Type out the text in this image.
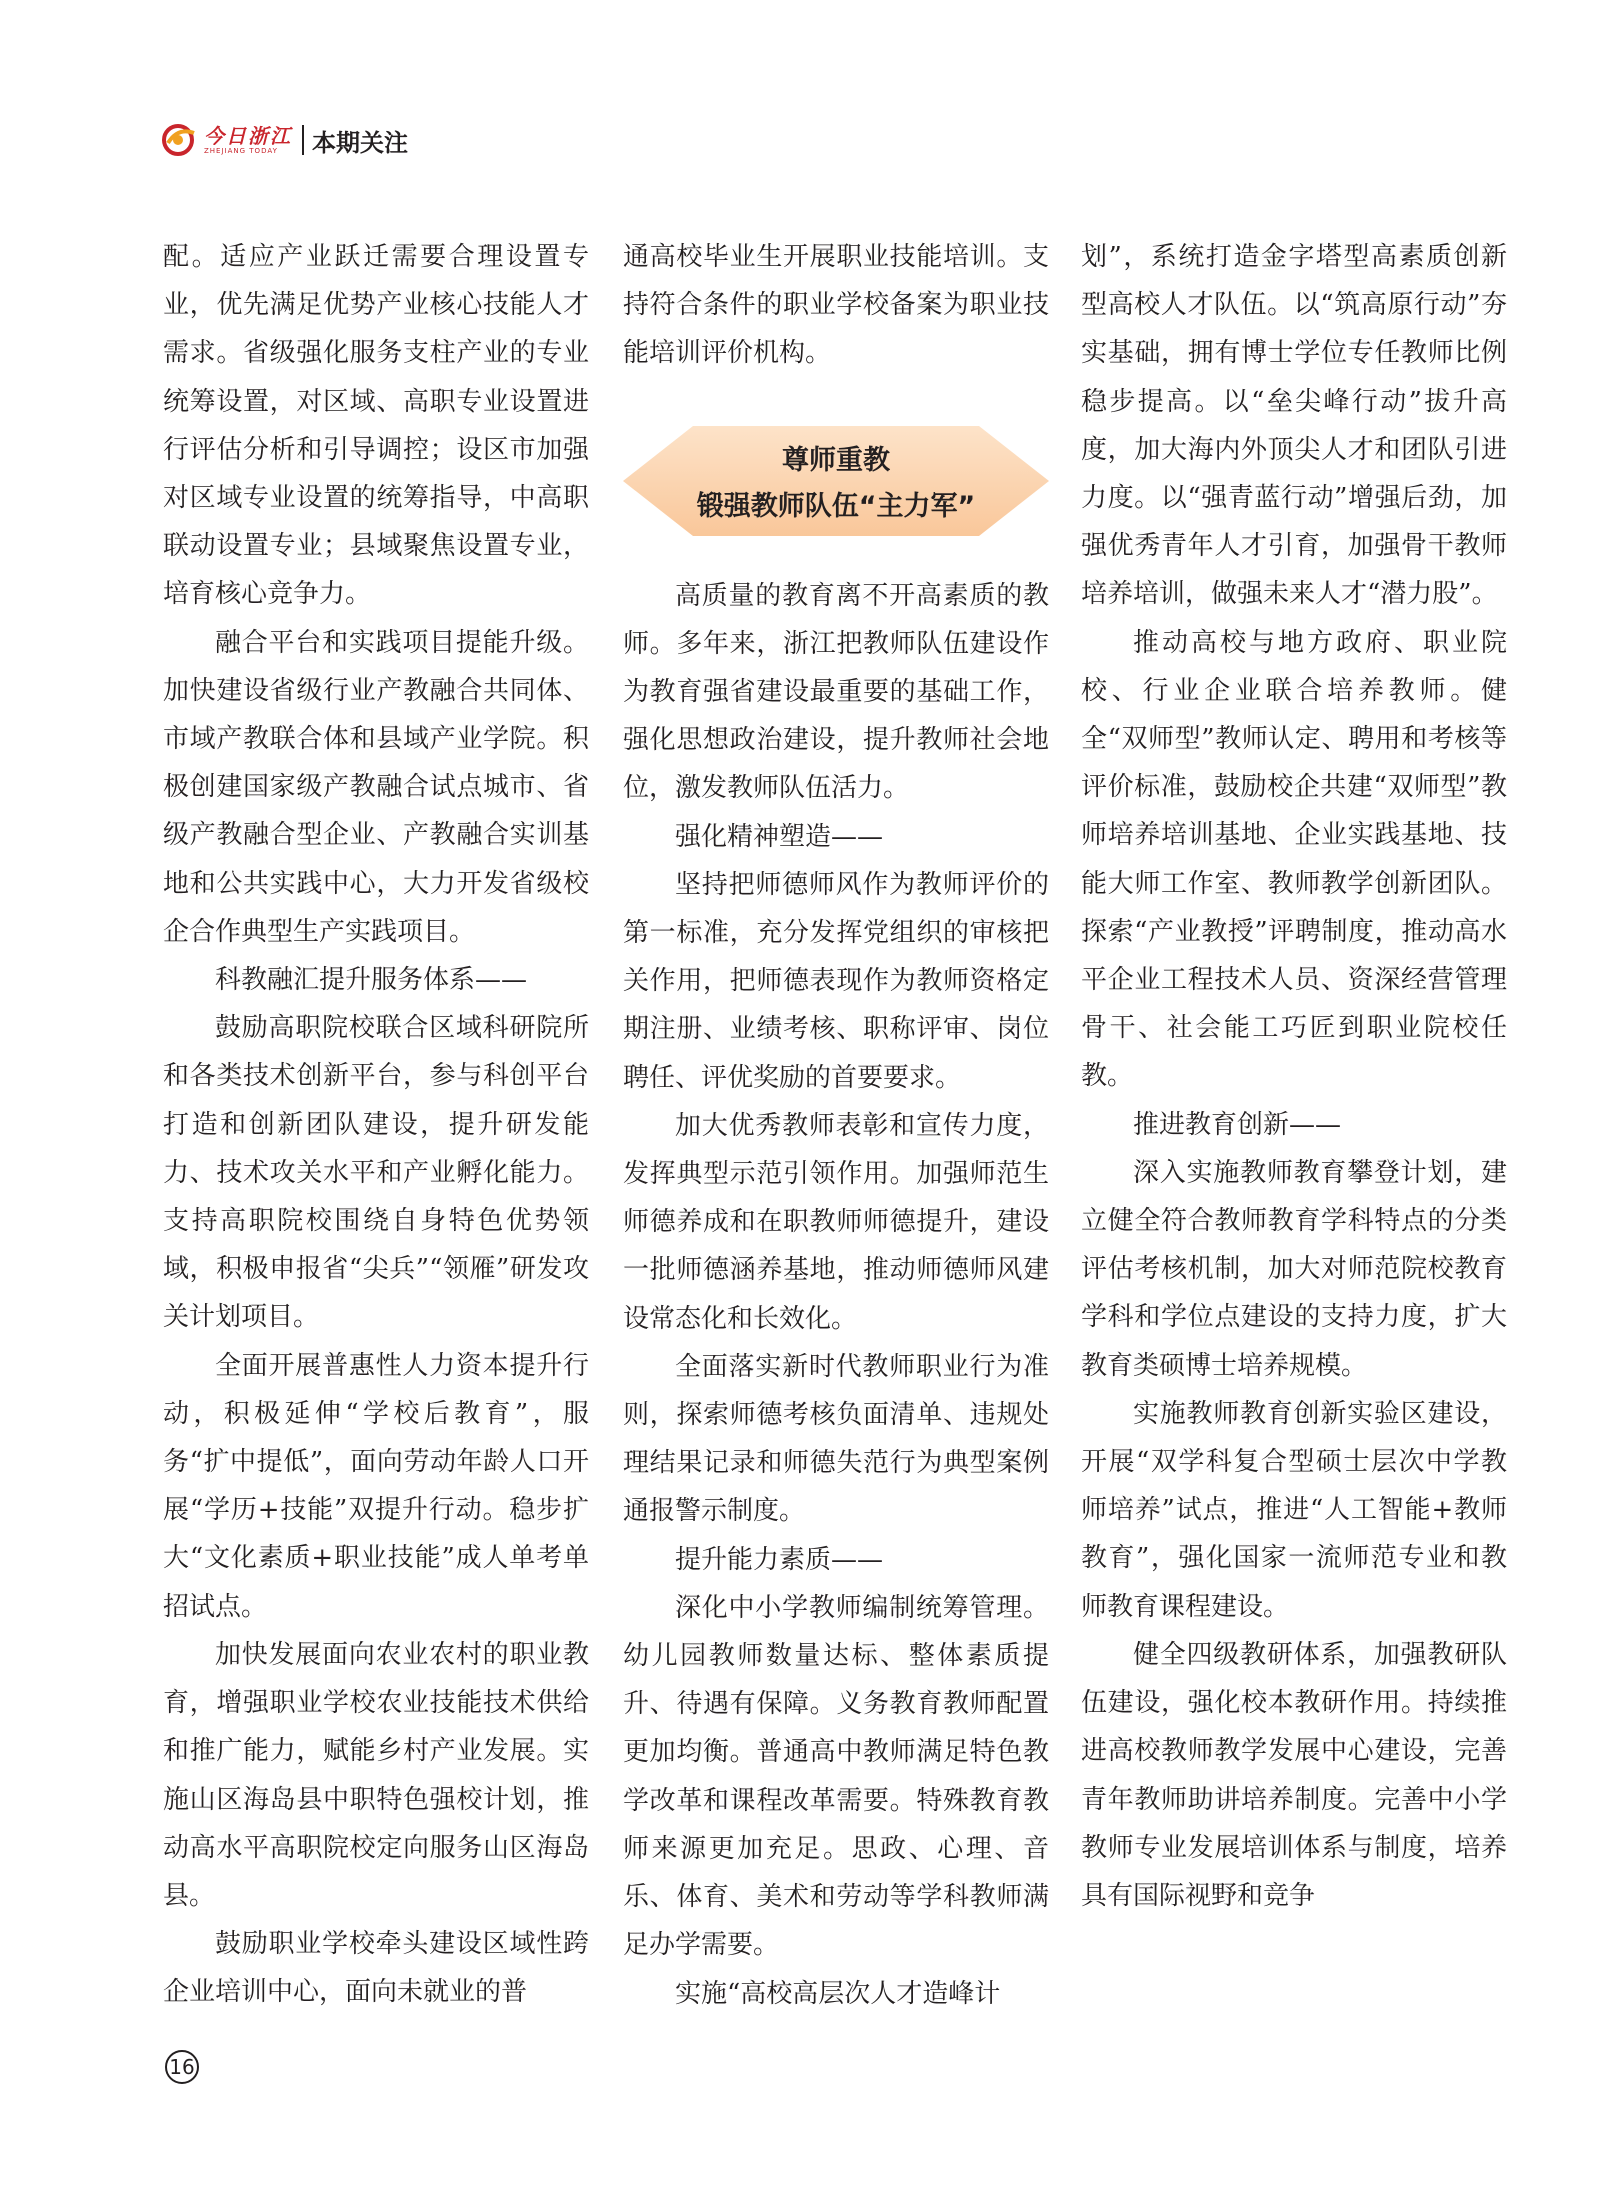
今日浙江
ZHEJIANG TODAY	本期关注

配。适应产业跃迁需要合理设置专业，优先满足优势产业核心技能人才需求。省级强化服务支柱产业的专业统筹设置，对区域、高职专业设置进行评估分析和引导调控；设区市加强对区域专业设置的统筹指导，中高职联动设置专业；县域聚焦设置专业，培育核心竞争力。

融合平台和实践项目提能升级。加快建设省级行业产教融合共同体、市域产教联合体和县域产业学院。积极创建国家级产教融合试点城市、省级产教融合型企业、产教融合实训基地和公共实践中心，大力开发省级校企合作典型生产实践项目。

科教融汇提升服务体系——

鼓励高职院校联合区域科研院所和各类技术创新平台，参与科创平台打造和创新团队建设，提升研发能力、技术攻关水平和产业孵化能力。支持高职院校围绕自身特色优势领域，积极申报省“尖兵”“领雁”研发攻关计划项目。

全面开展普惠性人力资本提升行动，积极延伸“学校后教育”，服务“扩中提低”，面向劳动年龄人口开展“学历+技能”双提升行动。稳步扩大“文化素质+职业技能”成人单考单招试点。

加快发展面向农业农村的职业教育，增强职业学校农业技能技术供给和推广能力，赋能乡村产业发展。实施山区海岛县中职特色强校计划，推动高水平高职院校定向服务山区海岛县。

鼓励职业学校牵头建设区域性跨企业培训中心，面向未就业的普

通高校毕业生开展职业技能培训。支持符合条件的职业学校备案为职业技能培训评价机构。

尊师重教
锻强教师队伍“主力军”

高质量的教育离不开高素质的教师。多年来，浙江把教师队伍建设作为教育强省建设最重要的基础工作，强化思想政治建设，提升教师社会地位，激发教师队伍活力。

强化精神塑造——

坚持把师德师风作为教师评价的第一标准，充分发挥党组织的审核把关作用，把师德表现作为教师资格定期注册、业绩考核、职称评审、岗位聘任、评优奖励的首要要求。

加大优秀教师表彰和宣传力度，发挥典型示范引领作用。加强师范生师德养成和在职教师师德提升，建设一批师德涵养基地，推动师德师风建设常态化和长效化。

全面落实新时代教师职业行为准则，探索师德考核负面清单、违规处理结果记录和师德失范行为典型案例通报警示制度。

提升能力素质——

深化中小学教师编制统筹管理。幼儿园教师数量达标、整体素质提升、待遇有保障。义务教育教师配置更加均衡。普通高中教师满足特色教学改革和课程改革需要。特殊教育教师来源更加充足。思政、心理、音乐、体育、美术和劳动等学科教师满足办学需要。

实施“高校高层次人才造峰计

划”，系统打造金字塔型高素质创新型高校人才队伍。以“筑高原行动”夯实基础，拥有博士学位专任教师比例稳步提高。以“垒尖峰行动”拔升高度，加大海内外顶尖人才和团队引进力度。以“强青蓝行动”增强后劲，加强优秀青年人才引育，加强骨干教师培养培训，做强未来人才“潜力股”。

推动高校与地方政府、职业院校、行业企业联合培养教师。健全“双师型”教师认定、聘用和考核等评价标准，鼓励校企共建“双师型”教师培养培训基地、企业实践基地、技能大师工作室、教师教学创新团队。探索“产业教授”评聘制度，推动高水平企业工程技术人员、资深经营管理骨干、社会能工巧匠到职业院校任教。

推进教育创新——

深入实施教师教育攀登计划，建立健全符合教师教育学科特点的分类评估考核机制，加大对师范院校教育学科和学位点建设的支持力度，扩大教育类硕博士培养规模。

实施教师教育创新实验区建设，开展“双学科复合型硕士层次中学教师培养”试点，推进“人工智能+教师教育”，强化国家一流师范专业和教师教育课程建设。

健全四级教研体系，加强教研队伍建设，强化校本教研作用。持续推进高校教师教学发展中心建设，完善青年教师助讲培养制度。完善中小学教师专业发展培训体系与制度，培养具有国际视野和竞争

16
